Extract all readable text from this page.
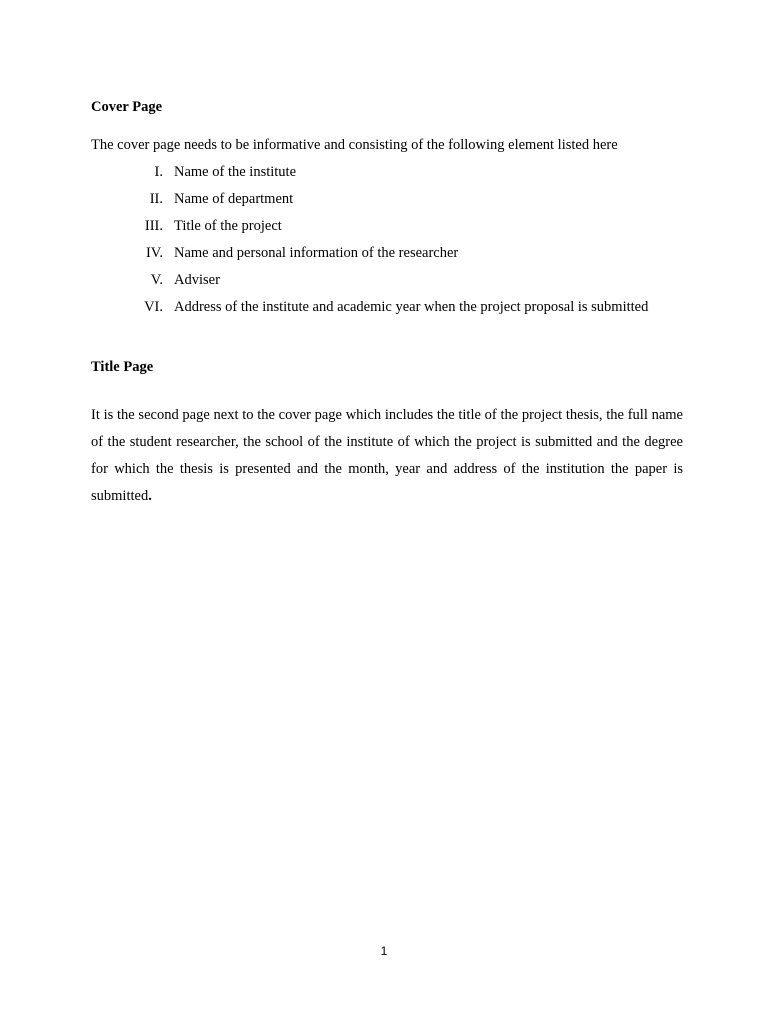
Cover Page
The cover page needs to be informative and consisting of the following element listed here
I. Name of the institute
II. Name of department
III. Title of the project
IV. Name and personal information of the researcher
V. Adviser
VI. Address of the institute and academic year when the project proposal is submitted
Title Page

It is the second page next to the cover page which includes the title of the project thesis, the full name of the student researcher, the school of the institute of which the project is submitted and the degree for which the thesis is presented and the month, year and address of the institution the paper is submitted.

1
